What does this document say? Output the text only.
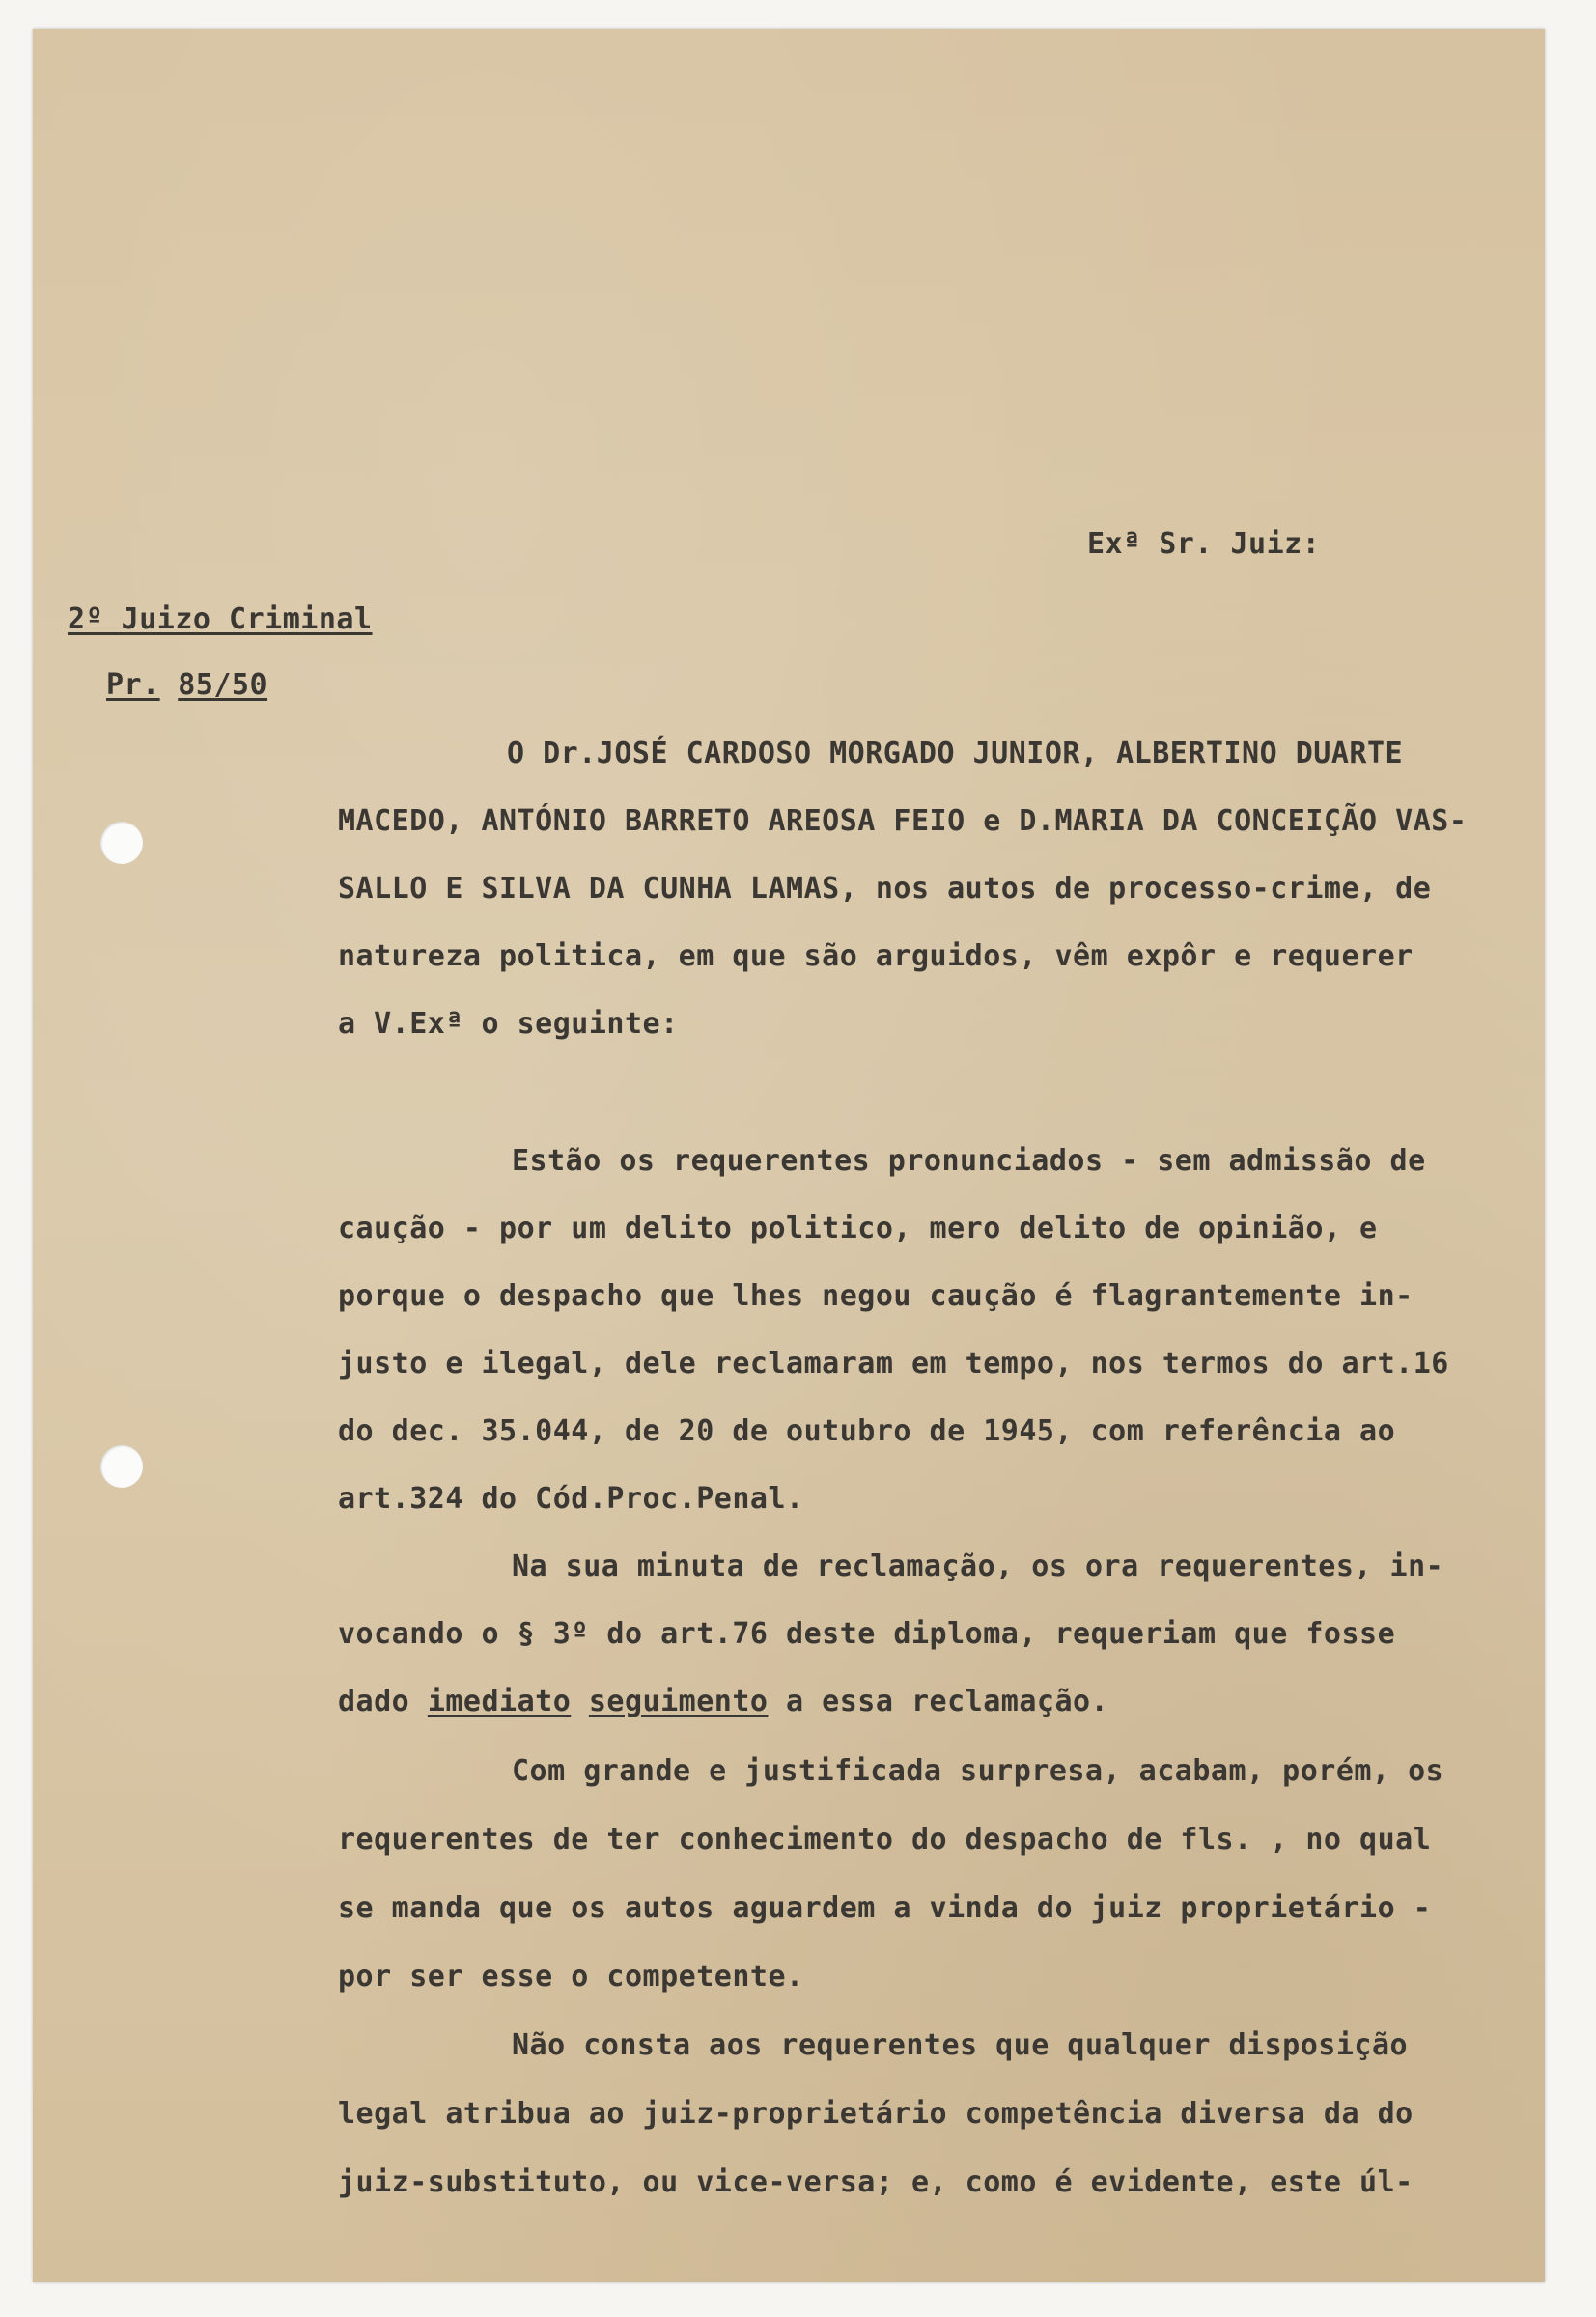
Exª Sr. Juiz:
2º Juizo Criminal
Pr. 85/50
O Dr.JOSÉ CARDOSO MORGADO JUNIOR, ALBERTINO DUARTE
MACEDO, ANTÓNIO BARRETO AREOSA FEIO e D.MARIA DA CONCEIÇÃO VAS-
SALLO E SILVA DA CUNHA LAMAS, nos autos de processo-crime, de
natureza politica, em que são arguidos, vêm expôr e requerer
a V.Exª o seguinte:
Estão os requerentes pronunciados - sem admissão de
caução - por um delito politico, mero delito de opinião, e
porque o despacho que lhes negou caução é flagrantemente in-
justo e ilegal, dele reclamaram em tempo, nos termos do art.16
do dec. 35.044, de 20 de outubro de 1945, com referência ao
art.324 do Cód.Proc.Penal.
Na sua minuta de reclamação, os ora requerentes, in-
vocando o § 3º do art.76 deste diploma, requeriam que fosse
dado imediato seguimento a essa reclamação.
Com grande e justificada surpresa, acabam, porém, os
requerentes de ter conhecimento do despacho de fls. , no qual
se manda que os autos aguardem a vinda do juiz proprietário -
por ser esse o competente.
Não consta aos requerentes que qualquer disposição
legal atribua ao juiz-proprietário competência diversa da do
juiz-substituto, ou vice-versa; e, como é evidente, este úl-
